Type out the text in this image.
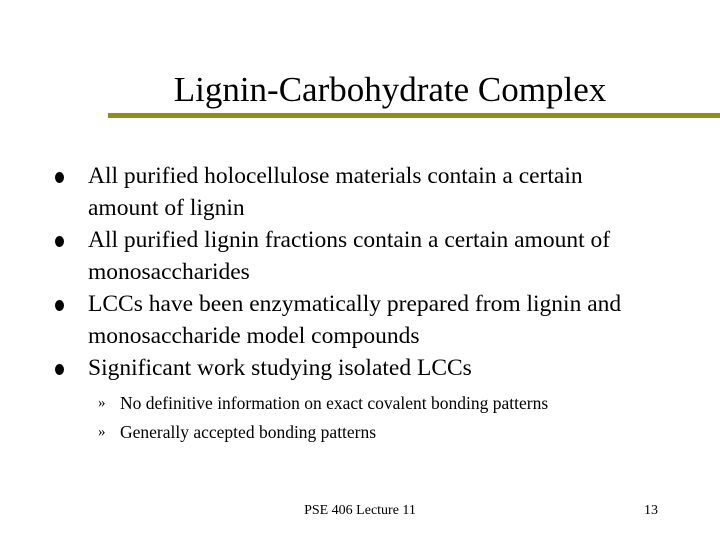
Lignin-Carbohydrate Complex
All purified holocellulose materials contain a certain amount of lignin
All purified lignin fractions contain a certain amount of monosaccharides
LCCs have been enzymatically prepared from lignin and monosaccharide model compounds
Significant work studying isolated LCCs
» No definitive information on exact covalent bonding patterns
» Generally accepted bonding patterns
PSE 406 Lecture 11	13
